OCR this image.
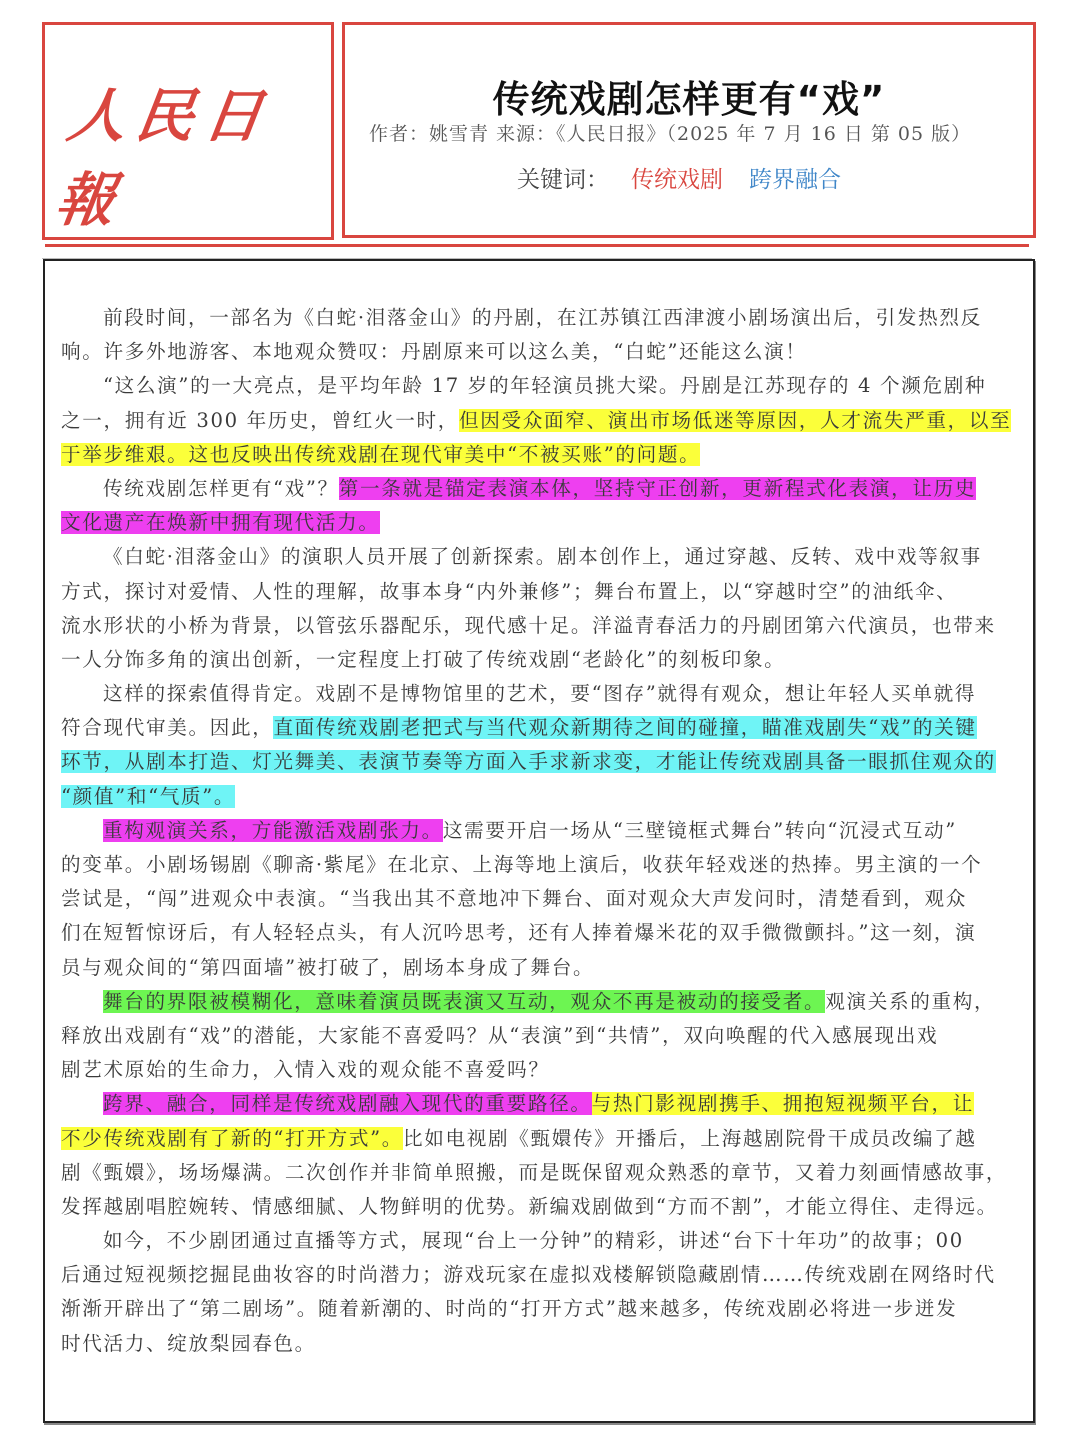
人民日報
传统戏剧怎样更有“戏”
作者：姚雪青 来源：《人民日报》（2025 年 7 月 16 日 第 05 版）
关键词： 传统戏剧 跨界融合
前段时间，一部名为《白蛇·泪落金山》的丹剧，在江苏镇江西津渡小剧场演出后，引发热烈反
响。许多外地游客、本地观众赞叹：丹剧原来可以这么美，“白蛇”还能这么演！
“这么演”的一大亮点，是平均年龄 17 岁的年轻演员挑大梁。丹剧是江苏现存的 4 个濒危剧种
之一，拥有近 300 年历史，曾红火一时，但因受众面窄、演出市场低迷等原因，人才流失严重，以至
于举步维艰。这也反映出传统戏剧在现代审美中“不被买账”的问题。
传统戏剧怎样更有“戏”？第一条就是锚定表演本体，坚持守正创新，更新程式化表演，让历史
文化遗产在焕新中拥有现代活力。
《白蛇·泪落金山》的演职人员开展了创新探索。剧本创作上，通过穿越、反转、戏中戏等叙事
方式，探讨对爱情、人性的理解，故事本身“内外兼修”；舞台布置上，以“穿越时空”的油纸伞、
流水形状的小桥为背景，以管弦乐器配乐，现代感十足。洋溢青春活力的丹剧团第六代演员，也带来
一人分饰多角的演出创新，一定程度上打破了传统戏剧“老龄化”的刻板印象。
这样的探索值得肯定。戏剧不是博物馆里的艺术，要“图存”就得有观众，想让年轻人买单就得
符合现代审美。因此，直面传统戏剧老把式与当代观众新期待之间的碰撞，瞄准戏剧失“戏”的关键
环节，从剧本打造、灯光舞美、表演节奏等方面入手求新求变，才能让传统戏剧具备一眼抓住观众的
“颜值”和“气质”。
重构观演关系，方能激活戏剧张力。这需要开启一场从“三壁镜框式舞台”转向“沉浸式互动”
的变革。小剧场锡剧《聊斋·紫尾》在北京、上海等地上演后，收获年轻戏迷的热捧。男主演的一个
尝试是，“闯”进观众中表演。“当我出其不意地冲下舞台、面对观众大声发问时，清楚看到，观众
们在短暂惊讶后，有人轻轻点头，有人沉吟思考，还有人捧着爆米花的双手微微颤抖。”这一刻，演
员与观众间的“第四面墙”被打破了，剧场本身成了舞台。
舞台的界限被模糊化，意味着演员既表演又互动，观众不再是被动的接受者。观演关系的重构，
释放出戏剧有“戏”的潜能，大家能不喜爱吗？从“表演”到“共情”，双向唤醒的代入感展现出戏
剧艺术原始的生命力，入情入戏的观众能不喜爱吗？
跨界、融合，同样是传统戏剧融入现代的重要路径。与热门影视剧携手、拥抱短视频平台，让
不少传统戏剧有了新的“打开方式”。比如电视剧《甄嬛传》开播后，上海越剧院骨干成员改编了越
剧《甄嬛》，场场爆满。二次创作并非简单照搬，而是既保留观众熟悉的章节，又着力刻画情感故事，
发挥越剧唱腔婉转、情感细腻、人物鲜明的优势。新编戏剧做到“方而不割”，才能立得住、走得远。
如今，不少剧团通过直播等方式，展现“台上一分钟”的精彩，讲述“台下十年功”的故事；00
后通过短视频挖掘昆曲妆容的时尚潜力；游戏玩家在虚拟戏楼解锁隐藏剧情……传统戏剧在网络时代
渐渐开辟出了“第二剧场”。随着新潮的、时尚的“打开方式”越来越多，传统戏剧必将进一步迸发
时代活力、绽放梨园春色。
